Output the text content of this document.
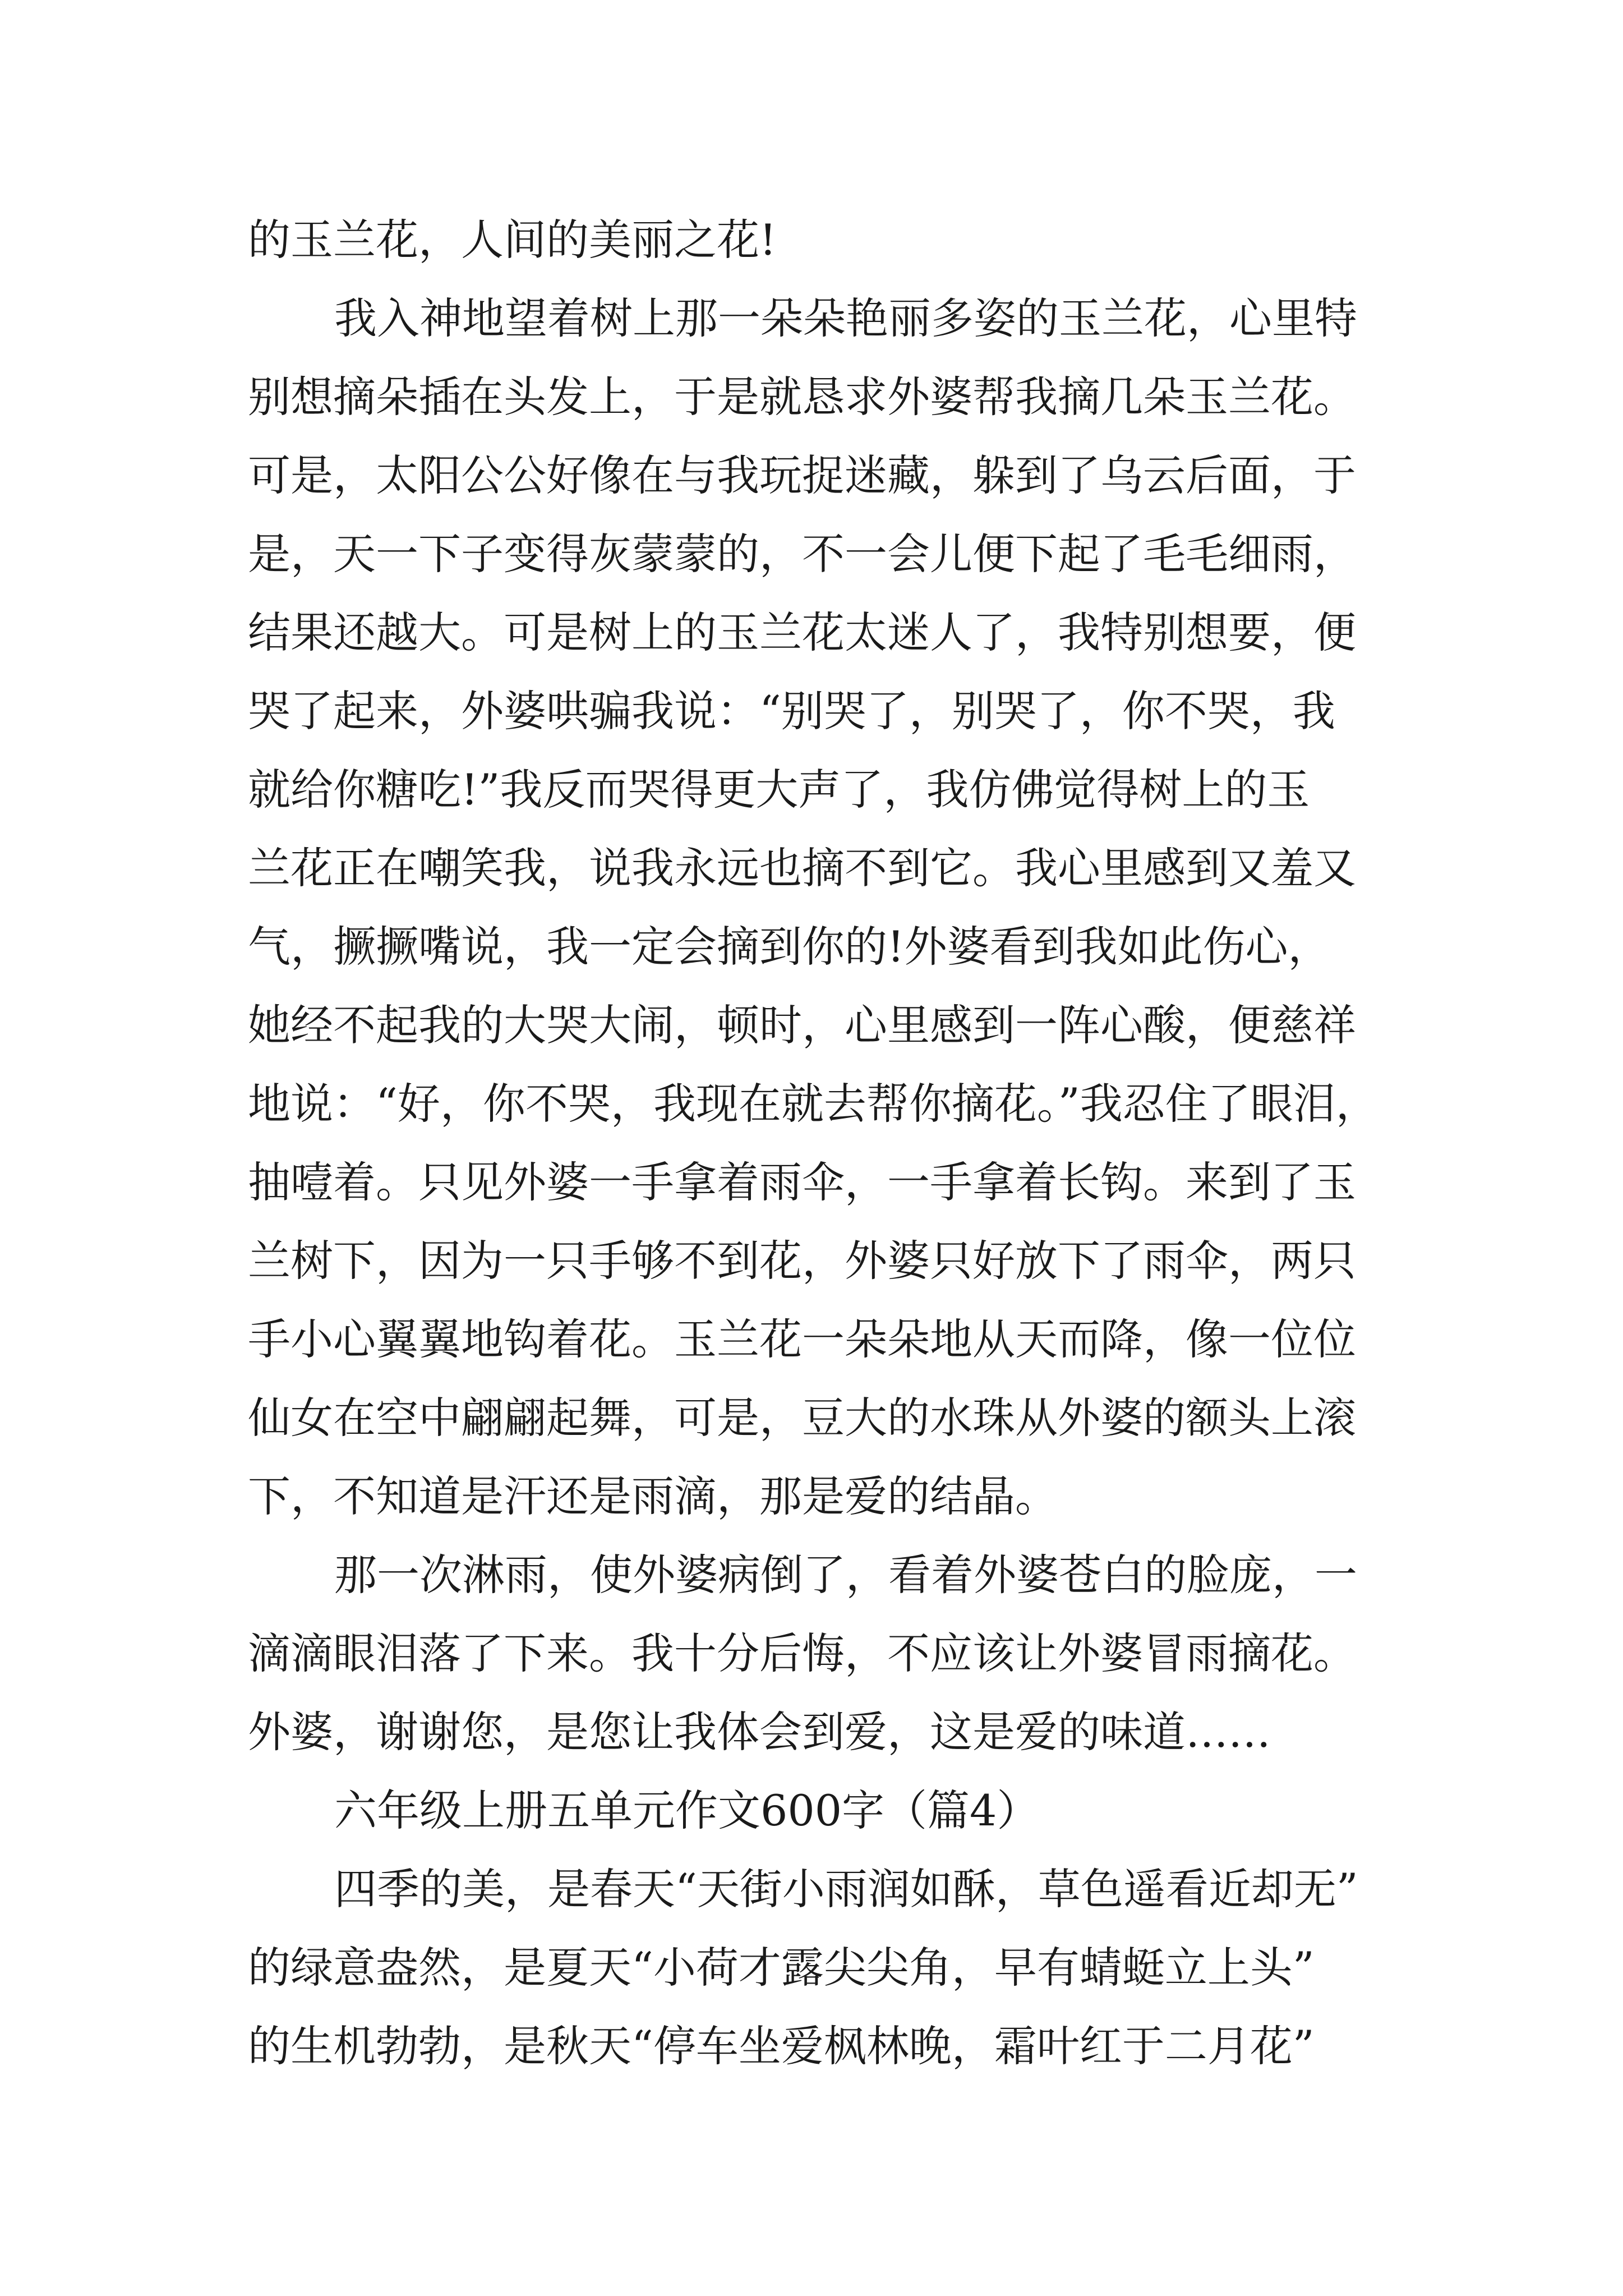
的玉兰花，人间的美丽之花!
我入神地望着树上那一朵朵艳丽多姿的玉兰花，心里特
别想摘朵插在头发上，于是就恳求外婆帮我摘几朵玉兰花。
可是，太阳公公好像在与我玩捉迷藏，躲到了乌云后面，于
是，天一下子变得灰蒙蒙的，不一会儿便下起了毛毛细雨，
结果还越大。可是树上的玉兰花太迷人了，我特别想要，便
哭了起来，外婆哄骗我说：“别哭了，别哭了，你不哭，我
就给你糖吃!”我反而哭得更大声了，我仿佛觉得树上的玉
兰花正在嘲笑我，说我永远也摘不到它。我心里感到又羞又
气，撅撅嘴说，我一定会摘到你的!外婆看到我如此伤心，
她经不起我的大哭大闹，顿时，心里感到一阵心酸，便慈祥
地说：“好，你不哭，我现在就去帮你摘花。”我忍住了眼泪，
抽噎着。只见外婆一手拿着雨伞，一手拿着长钩。来到了玉
兰树下，因为一只手够不到花，外婆只好放下了雨伞，两只
手小心翼翼地钩着花。玉兰花一朵朵地从天而降，像一位位
仙女在空中翩翩起舞，可是，豆大的水珠从外婆的额头上滚
下，不知道是汗还是雨滴，那是爱的结晶。
那一次淋雨，使外婆病倒了，看着外婆苍白的脸庞，一
滴滴眼泪落了下来。我十分后悔，不应该让外婆冒雨摘花。
外婆，谢谢您，是您让我体会到爱，这是爱的味道……
六年级上册五单元作文600字（篇4）
四季的美，是春天“天街小雨润如酥，草色遥看近却无”
的绿意盎然，是夏天“小荷才露尖尖角，早有蜻蜓立上头”
的生机勃勃，是秋天“停车坐爱枫林晚，霜叶红于二月花”
